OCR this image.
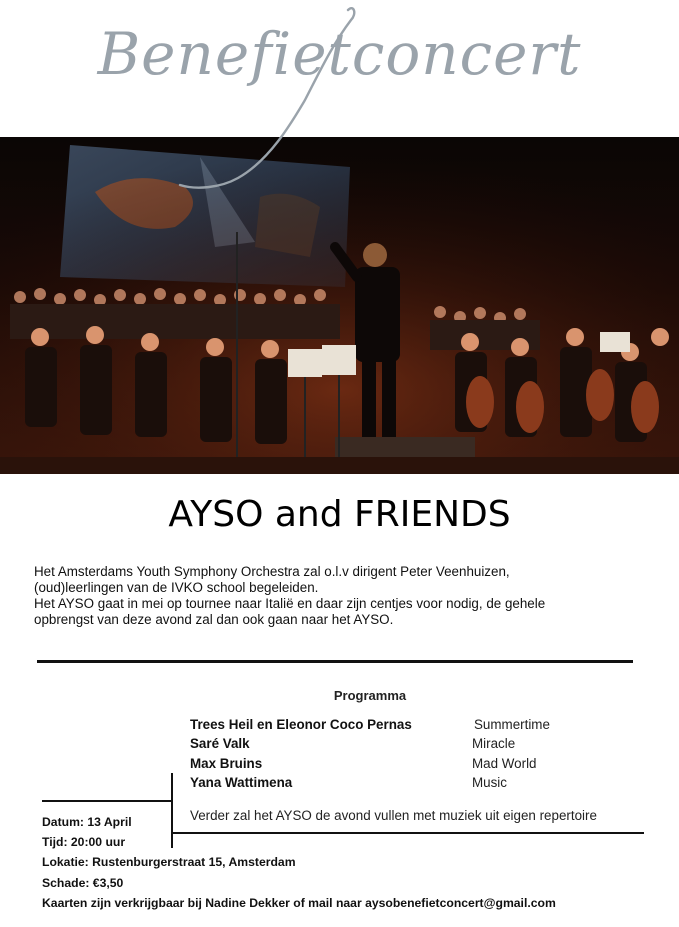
Benefietconcert
AYSO and FRIENDS

Het Amsterdams Youth Symphony Orchestra zal o.l.v dirigent Peter Veenhuizen,

(oud)leerlingen van de IVKO school begeleiden.

Het AYSO gaat in mei op tournee naar Italië en daar zijn centjes voor nodig, de gehele

opbrengst van deze avond zal dan ook gaan naar het AYSO.

Programma
Trees Heil en Eleonor Coco Pernas	Summertime
Saré Valk	Miracle
Max Bruins	Mad World
Yana Wattimena	Music
Verder zal het AYSO de avond vullen met muziek uit eigen repertoire
Datum: 13 April
Tijd: 20:00 uur
Lokatie: Rustenburgerstraat 15, Amsterdam
Schade: €3,50
Kaarten zijn verkrijgbaar bij Nadine Dekker of mail naar aysobenefietconcert@gmail.com
